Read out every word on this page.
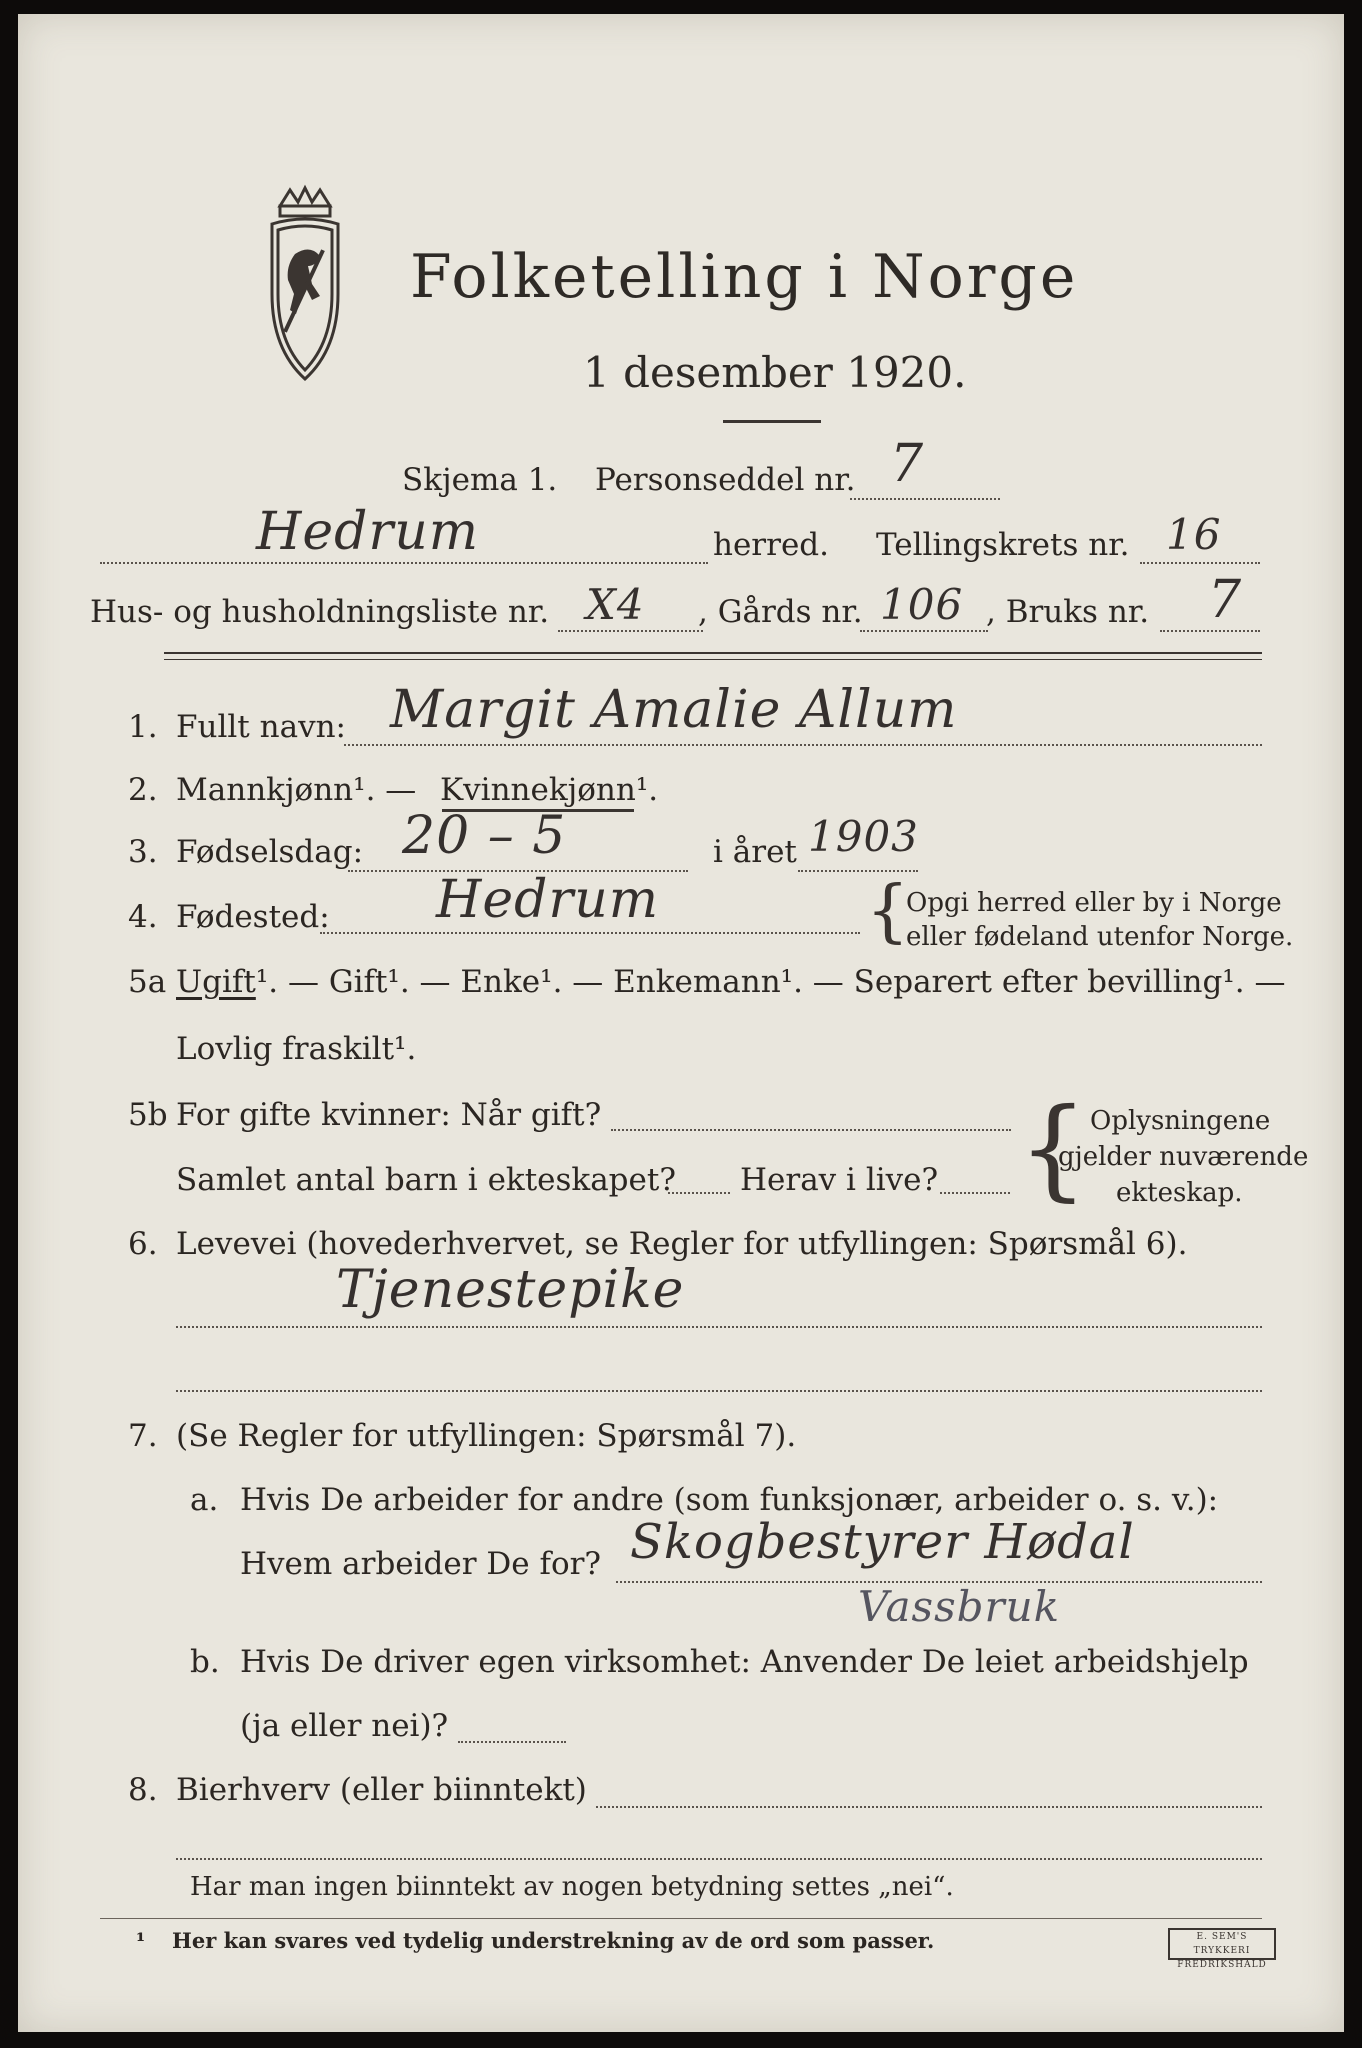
Folketelling i Norge
1 desember 1920.
Skjema 1. Personseddel nr. 7
Hedrum	herred. Tellingskrets nr. 16
Hus- og husholdningsliste nr. X4 , Gårds nr. 106 , Bruks nr. 7
1. Fullt navn: Margit Amalie Allum
2. Mannkjønn¹. — Kvinnekjønn¹.
3. Fødselsdag: 20 – 5	i året 1903
4. Fødested: Hedrum	{
Opgi herred eller by i Norge
eller fødeland utenfor Norge.
5a Ugift¹. — Gift¹. — Enke¹. — Enkemann¹. — Separert efter bevilling¹. —
Lovlig fraskilt¹.
5b For gifte kvinner: Når gift?
Samlet antal barn i ekteskapet? Herav i live? { Oplysningene
gjelder nuværende
ekteskap.
6. Levevei (hovederhvervet, se Regler for utfyllingen: Spørsmål 6).
Tjenestepike
7. (Se Regler for utfyllingen: Spørsmål 7).
a. Hvis De arbeider for andre (som funksjonær, arbeider o. s. v.):
Hvem arbeider De for? Skogbestyrer Hødal
Vassbruk
b. Hvis De driver egen virksomhet: Anvender De leiet arbeidshjelp
(ja eller nei)?
8. Bierhverv (eller biinntekt)
Har man ingen biinntekt av nogen betydning settes „nei“.
¹ Her kan svares ved tydelig understrekning av de ord som passer.	E. SEM'S TRYKKERI FREDRIKSHALD
